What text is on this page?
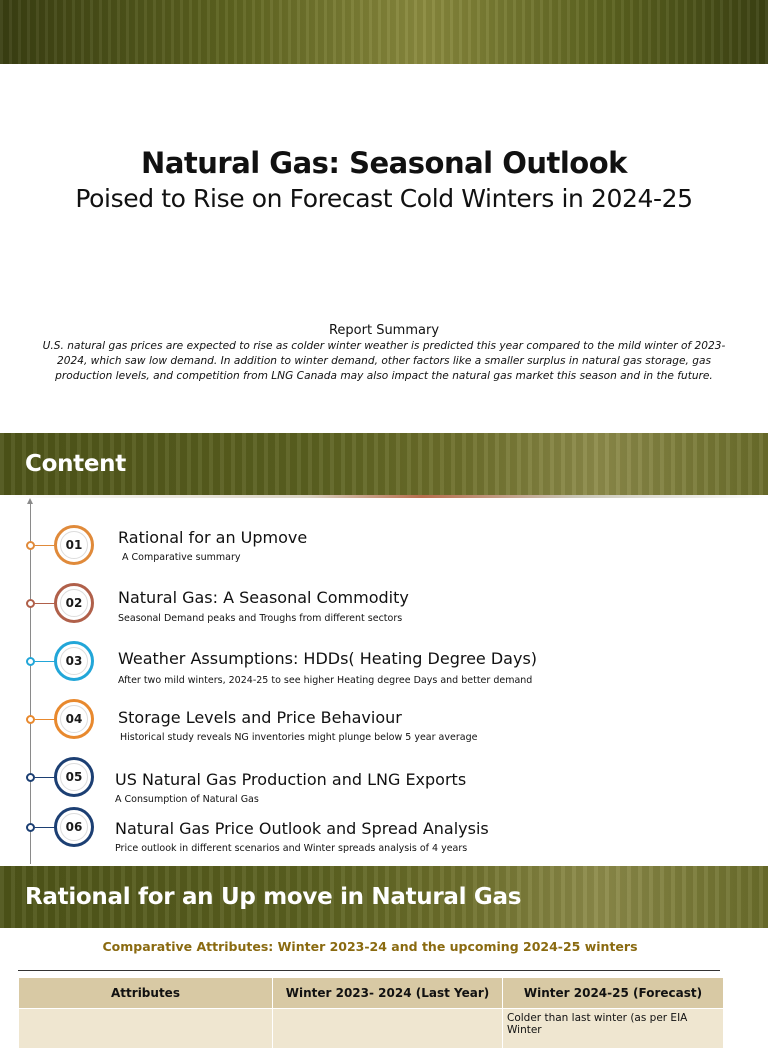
Natural Gas: Seasonal Outlook
Poised to Rise on Forecast Cold Winters in 2024-25
Report Summary
U.S. natural gas prices are expected to rise as colder winter weather is predicted this year compared to the mild winter of 2023-2024, which saw low demand. In addition to winter demand, other factors like a smaller surplus in natural gas storage, gas production levels, and competition from LNG Canada may also impact the natural gas market this season and in the future.
Content
01	Rational for an Upmove
A Comparative summary
02	Natural Gas: A Seasonal Commodity
Seasonal Demand peaks and Troughs from different sectors
03	Weather Assumptions: HDDs( Heating Degree Days)
After two mild winters, 2024-25 to see higher Heating degree Days and better demand
04	Storage Levels and Price Behaviour
Historical study reveals NG inventories might plunge below 5 year average
05	US Natural Gas Production and LNG Exports
A Consumption of Natural Gas
06	Natural Gas Price Outlook and Spread Analysis
Price outlook in different scenarios and Winter spreads analysis of 4 years
Rational for an Up move in Natural Gas
Comparative Attributes: Winter 2023-24 and the upcoming 2024-25 winters
Attributes	Winter 2023- 2024 (Last Year)	Winter 2024-25 (Forecast)
		Colder than last winter (as per EIA Winter
